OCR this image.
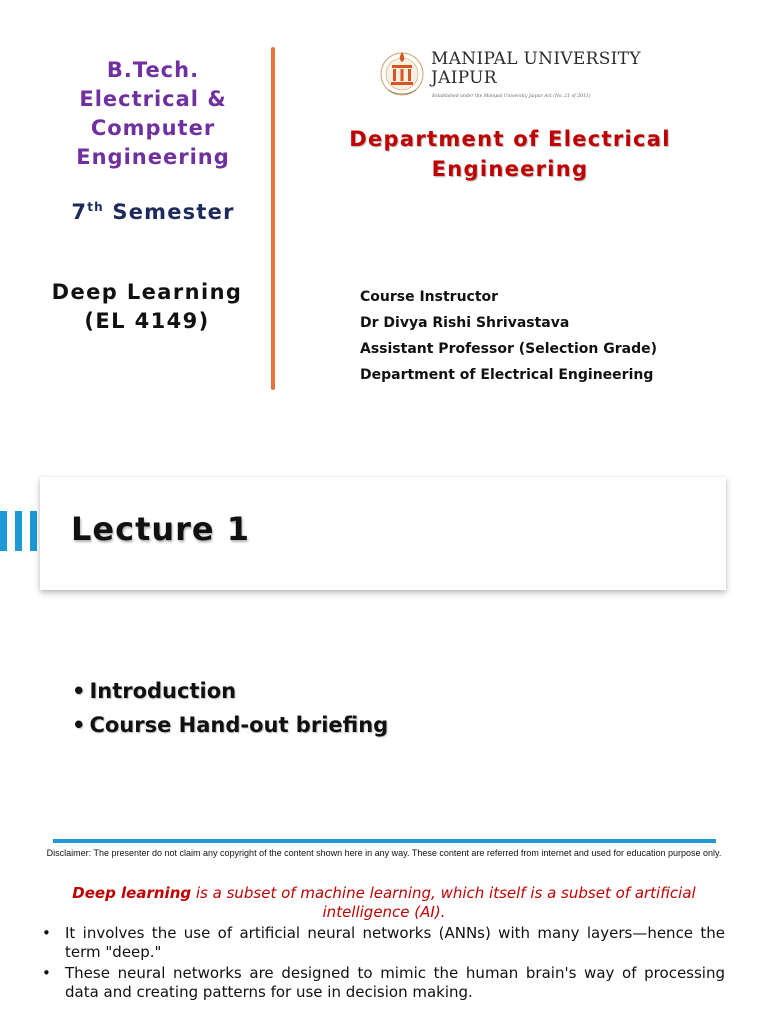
B.Tech.
Electrical &
Computer
Engineering
7th Semester
Deep Learning
(EL 4149)
MANIPAL UNIVERSITY
JAIPUR
Established under the Manipal University Jaipur Act (No. 21 of 2011)
Department of Electrical
Engineering
Course Instructor
Dr Divya Rishi Shrivastava
Assistant Professor (Selection Grade)
Department of Electrical Engineering
Lecture 1
• Introduction
• Course Hand-out briefing
Disclaimer: The presenter do not claim any copyright of the content shown here in any way. These content are referred from internet and used for education purpose only.
Deep learning is a subset of machine learning, which itself is a subset of artificial intelligence (AI).
• It involves the use of artificial neural networks (ANNs) with many layers—hence the term "deep."
• These neural networks are designed to mimic the human brain's way of processing data and creating patterns for use in decision making.
